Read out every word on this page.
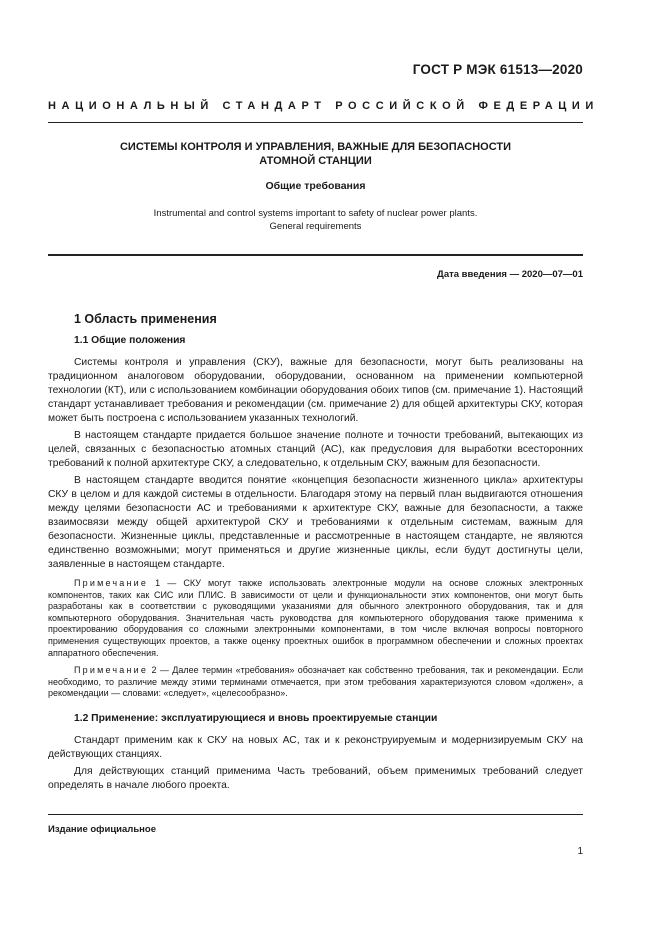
ГОСТ Р МЭК 61513—2020
НАЦИОНАЛЬНЫЙ СТАНДАРТ РОССИЙСКОЙ ФЕДЕРАЦИИ
СИСТЕМЫ КОНТРОЛЯ И УПРАВЛЕНИЯ, ВАЖНЫЕ ДЛЯ БЕЗОПАСНОСТИ
АТОМНОЙ СТАНЦИИ
Общие требования
Instrumental and control systems important to safety of nuclear power plants.
General requirements
Дата введения — 2020—07—01
1 Область применения
1.1 Общие положения

Системы контроля и управления (СКУ), важные для безопасности, могут быть реализованы на традиционном аналоговом оборудовании, оборудовании, основанном на применении компьютерной технологии (КТ), или с использованием комбинации оборудования обоих типов (см. примечание 1). Настоящий стандарт устанавливает требования и рекомендации (см. примечание 2) для общей архитектуры СКУ, которая может быть построена с использованием указанных технологий.

В настоящем стандарте придается большое значение полноте и точности требований, вытекающих из целей, связанных с безопасностью атомных станций (АС), как предусловия для выработки всесторонних требований к полной архитектуре СКУ, а следовательно, к отдельным СКУ, важным для безопасности.

В настоящем стандарте вводится понятие «концепция безопасности жизненного цикла» архитектуры СКУ в целом и для каждой системы в отдельности. Благодаря этому на первый план выдвигаются отношения между целями безопасности АС и требованиями к архитектуре СКУ, важные для безопасности, а также взаимосвязи между общей архитектурой СКУ и требованиями к отдельным системам, важным для безопасности. Жизненные циклы, представленные и рассмотренные в настоящем стандарте, не являются единственно возможными; могут применяться и другие жизненные циклы, если будут достигнуты цели, заявленные в настоящем стандарте.

Примечание 1 — СКУ могут также использовать электронные модули на основе сложных электронных компонентов, таких как СИС или ПЛИС. В зависимости от цели и функциональности этих компонентов, они могут быть разработаны как в соответствии с руководящими указаниями для обычного электронного оборудования, так и для компьютерного оборудования. Значительная часть руководства для компьютерного оборудования также применима к проектированию оборудования со сложными электронными компонентами, в том числе включая вопросы повторного применения существующих проектов, а также оценку проектных ошибок в программном обеспечении и сложных проектах аппаратного обеспечения.

Примечание 2 — Далее термин «требования» обозначает как собственно требования, так и рекомендации. Если необходимо, то различие между этими терминами отмечается, при этом требования характеризуются словом «должен», а рекомендации — словами: «следует», «целесообразно».

1.2 Применение: эксплуатирующиеся и вновь проектируемые станции

Стандарт применим как к СКУ на новых АС, так и к реконструируемым и модернизируемым СКУ на действующих станциях.

Для действующих станций применима Часть требований, объем применимых требований следует определять в начале любого проекта.

Издание официальное
1
